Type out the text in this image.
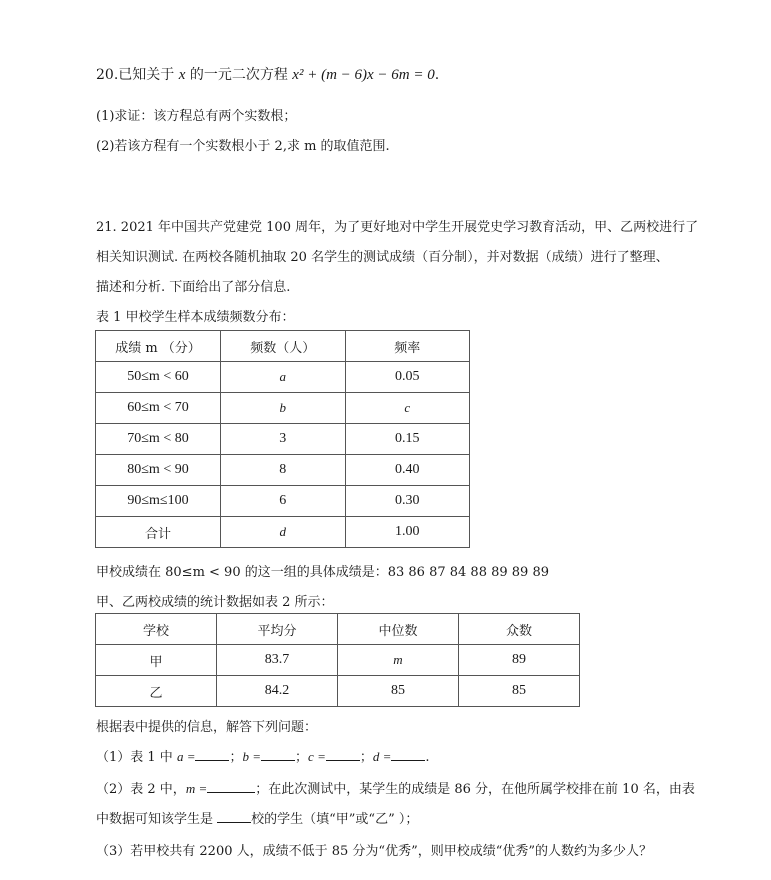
20.已知关于 x 的一元二次方程 x² + (m − 6)x − 6m = 0.
(1)求证：该方程总有两个实数根；
(2)若该方程有一个实数根小于 2,求 m 的取值范围.
21. 2021 年中国共产党建党 100 周年，为了更好地对中学生开展党史学习教育活动，甲、乙两校进行了
相关知识测试. 在两校各随机抽取 20 名学生的测试成绩（百分制），并对数据（成绩）进行了整理、
描述和分析. 下面给出了部分信息.
表 1 甲校学生样本成绩频数分布：
成绩 m （分）	频数（人）	频率
50≤m < 60	a	0.05
60≤m < 70	b	c
70≤m < 80	3	0.15
80≤m < 90	8	0.40
90≤m≤100	6	0.30
合计	d	1.00
甲校成绩在 80≤m < 90 的这一组的具体成绩是：83 86 87 84 88 89 89 89
甲、乙两校成绩的统计数据如表 2 所示：
学校	平均分	中位数	众数
甲	83.7	m	89
乙	84.2	85	85
根据表中提供的信息，解答下列问题：
（1）表 1 中 a =	；b =	；c =	；d =	.
（2）表 2 中，m =	；在此次测试中，某学生的成绩是 86 分，在他所属学校排在前 10 名，由表
中数据可知该学生是	校的学生（填“甲”或“乙” ）；
（3）若甲校共有 2200 人，成绩不低于 85 分为“优秀”，则甲校成绩“优秀”的人数约为多少人？
